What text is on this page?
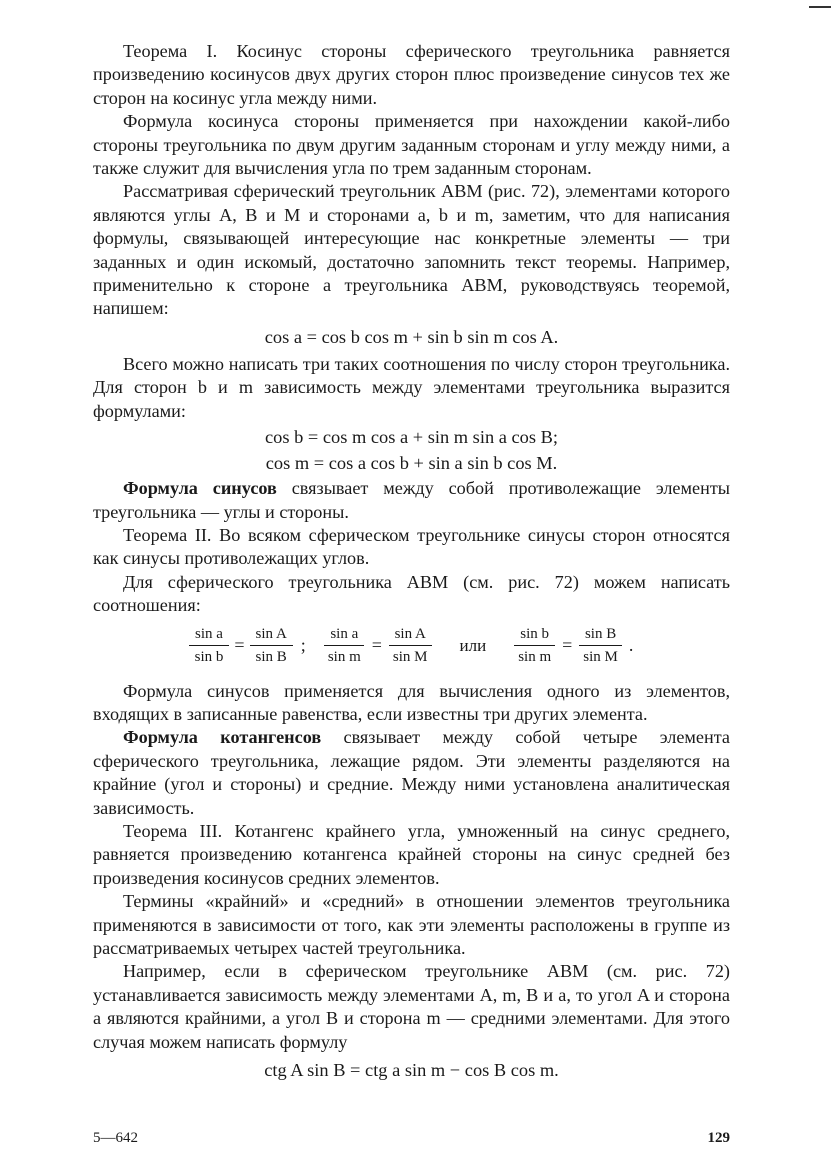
Теорема I. Косинус стороны сферического треугольника равняется произведению косинусов двух других сторон плюс произведение синусов тех же сторон на косинус угла между ними.

Формула косинуса стороны применяется при нахождении какой-либо стороны треугольника по двум другим заданным сторонам и углу между ними, а также служит для вычисления угла по трем заданным сторонам.

Рассматривая сферический треугольник ABM (рис. 72), элементами которого являются углы A, B и M и сторонами a, b и m, заметим, что для написания формулы, связывающей интересующие нас конкретные элементы — три заданных и один искомый, достаточно запомнить текст теоремы. Например, применительно к стороне a треугольника ABM, руководствуясь теоремой, напишем:

cos a = cos b cos m + sin b sin m cos A.

Всего можно написать три таких соотношения по числу сторон треугольника. Для сторон b и m зависимость между элементами треугольника выразится формулами:

cos b = cos m cos a + sin m sin a cos B;
cos m = cos a cos b + sin a sin b cos M.

Формула синусов связывает между собой противолежащие элементы треугольника — углы и стороны.

Теорема II. Во всяком сферическом треугольнике синусы сторон относятся как синусы противолежащих углов.

Для сферического треугольника ABM (см. рис. 72) можем написать соотношения:

$\frac{\text{sin a}}{\text{sin b}} = \frac{\text{sin A}}{\text{sin B}}$ ; $\frac{\text{sin a}}{\text{sin m}} = \frac{\text{sin A}}{\text{sin M}}$ или $\frac{\text{sin b}}{\text{sin m}} = \frac{\text{sin B}}{\text{sin M}}$ .

Формула синусов применяется для вычисления одного из элементов, входящих в записанные равенства, если известны три других элемента.

Формула котангенсов связывает между собой четыре элемента сферического треугольника, лежащие рядом. Эти элементы разделяются на крайние (угол и стороны) и средние. Между ними установлена аналитическая зависимость.

Теорема III. Котангенс крайнего угла, умноженный на синус среднего, равняется произведению котангенса крайней стороны на синус средней без произведения косинусов средних элементов.

Термины «крайний» и «средний» в отношении элементов треугольника применяются в зависимости от того, как эти элементы расположены в группе из рассматриваемых четырех частей треугольника.

Например, если в сферическом треугольнике ABM (см. рис. 72) устанавливается зависимость между элементами A, m, B и a, то угол A и сторона a являются крайними, а угол B и сторона m — средними элементами. Для этого случая можем написать формулу

ctg A sin B = ctg a sin m − cos B cos m.
5—642	129
